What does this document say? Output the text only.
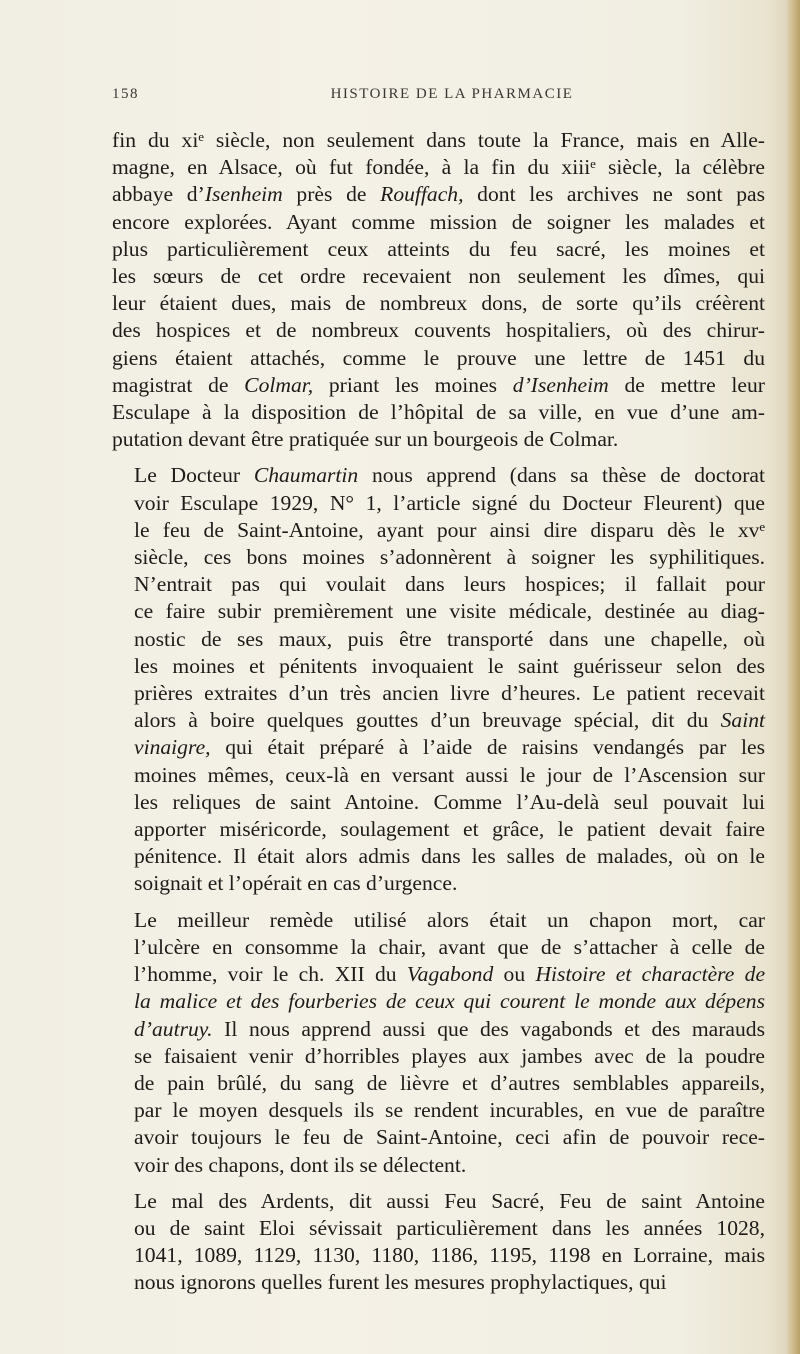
158	HISTOIRE DE LA PHARMACIE

fin du xiᵉ siècle, non seulement dans toute la France, mais en Alle-
magne, en Alsace, où fut fondée, à la fin du xiiiᵉ siècle, la célèbre
abbaye d’Isenheim près de Rouffach, dont les archives ne sont pas
encore explorées. Ayant comme mission de soigner les malades et
plus particulièrement ceux atteints du feu sacré, les moines et
les sœurs de cet ordre recevaient non seulement les dîmes, qui
leur étaient dues, mais de nombreux dons, de sorte qu’ils créèrent
des hospices et de nombreux couvents hospitaliers, où des chirur-
giens étaient attachés, comme le prouve une lettre de 1451 du
magistrat de Colmar, priant les moines d’Isenheim de mettre leur
Esculape à la disposition de l’hôpital de sa ville, en vue d’une am-
putation devant être pratiquée sur un bourgeois de Colmar.

Le Docteur Chaumartin nous apprend (dans sa thèse de doctorat
voir Esculape 1929, N° 1, l’article signé du Docteur Fleurent) que
le feu de Saint-Antoine, ayant pour ainsi dire disparu dès le xvᵉ
siècle, ces bons moines s’adonnèrent à soigner les syphilitiques.
N’entrait pas qui voulait dans leurs hospices; il fallait pour
ce faire subir premièrement une visite médicale, destinée au diag-
nostic de ses maux, puis être transporté dans une chapelle, où
les moines et pénitents invoquaient le saint guérisseur selon des
prières extraites d’un très ancien livre d’heures. Le patient recevait
alors à boire quelques gouttes d’un breuvage spécial, dit du Saint
vinaigre, qui était préparé à l’aide de raisins vendangés par les
moines mêmes, ceux-là en versant aussi le jour de l’Ascension sur
les reliques de saint Antoine. Comme l’Au-delà seul pouvait lui
apporter miséricorde, soulagement et grâce, le patient devait faire
pénitence. Il était alors admis dans les salles de malades, où on le
soignait et l’opérait en cas d’urgence.

Le meilleur remède utilisé alors était un chapon mort, car
l’ulcère en consomme la chair, avant que de s’attacher à celle de
l’homme, voir le ch. XII du Vagabond ou Histoire et charactère de
la malice et des fourberies de ceux qui courent le monde aux dépens
d’autruy. Il nous apprend aussi que des vagabonds et des marauds
se faisaient venir d’horribles playes aux jambes avec de la poudre
de pain brûlé, du sang de lièvre et d’autres semblables appareils,
par le moyen desquels ils se rendent incurables, en vue de paraître
avoir toujours le feu de Saint-Antoine, ceci afin de pouvoir rece-
voir des chapons, dont ils se délectent.

Le mal des Ardents, dit aussi Feu Sacré, Feu de saint Antoine
ou de saint Eloi sévissait particulièrement dans les années 1028,
1041, 1089, 1129, 1130, 1180, 1186, 1195, 1198 en Lorraine, mais
nous ignorons quelles furent les mesures prophylactiques, qui
